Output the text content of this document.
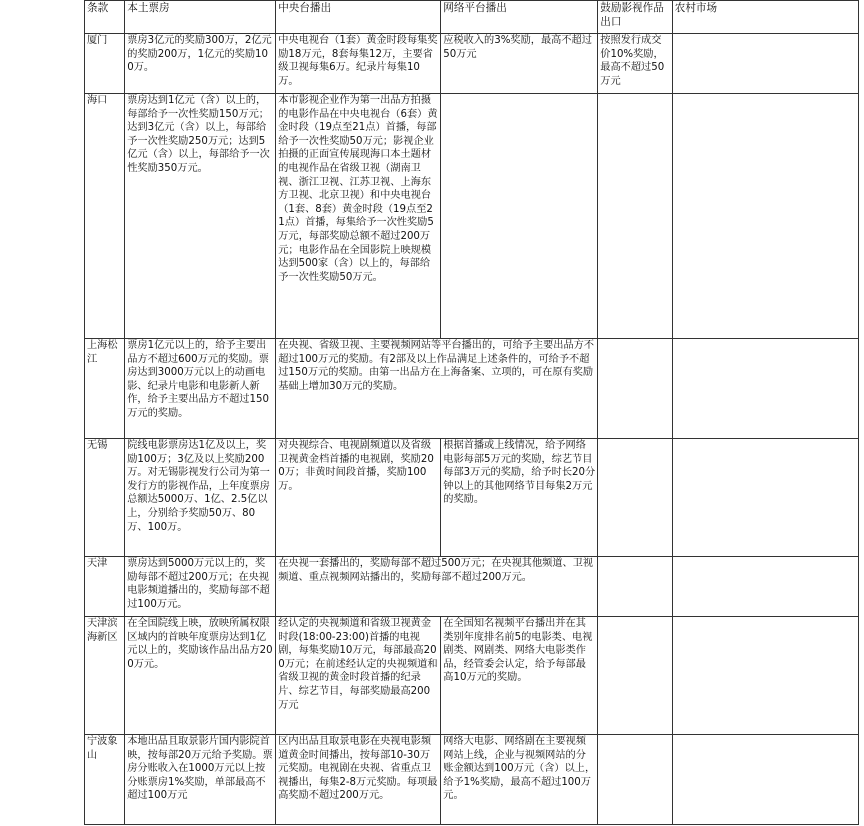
条款	本土票房	中央台播出	网络平台播出	鼓励影视作品出口	农村市场
厦门	票房3亿元的奖励300万，2亿元的奖励200万，1亿元的奖励100万。	中央电视台（1套）黄金时段每集奖励18万元，8套每集12万，主要省级卫视每集6万。纪录片每集10万。	应税收入的3%奖励，最高不超过50万元	按照发行成交价10%奖励，最高不超过50万元	
海口	票房达到1亿元（含）以上的，每部给予一次性奖励150万元；达到3亿元（含）以上，每部给予一次性奖励250万元；达到5亿元（含）以上，每部给予一次性奖励350万元。	本市影视企业作为第一出品方拍摄的电影作品在中央电视台（6套）黄金时段（19点至21点）首播，每部给予一次性奖励50万元；影视企业拍摄的正面宣传展现海口本土题材的电视作品在省级卫视（湖南卫视、浙江卫视、江苏卫视、上海东方卫视、北京卫视）和中央电视台（1套、8套）黄金时段（19点至21点）首播，每集给予一次性奖励5万元，每部奖励总额不超过200万元；电影作品在全国影院上映规模达到500家（含）以上的，每部给予一次性奖励50万元。			
上海松江	票房1亿元以上的，给予主要出品方不超过600万元的奖励。票房达到3000万元以上的动画电影、纪录片电影和电影新人新作，给予主要出品方不超过150万元的奖励。	在央视、省级卫视、主要视频网站等平台播出的，可给予主要出品方不超过100万元的奖励。有2部及以上作品满足上述条件的，可给予不超过150万元的奖励。由第一出品方在上海备案、立项的，可在原有奖励基础上增加30万元的奖励。			
无锡	院线电影票房达1亿及以上，奖励100万；3亿及以上奖励200万。对无锡影视发行公司为第一发行方的影视作品，上年度票房总额达5000万、1亿、2.5亿以上，分别给予奖励50万、80万、100万。	对央视综合、电视剧频道以及省级卫视黄金档首播的电视剧，奖励200万；非黄时间段首播，奖励100万。	根据首播或上线情况，给予网络电影每部5万元的奖励，综艺节目每部3万元的奖励，给予时长20分钟以上的其他网络节目每集2万元的奖励。		
天津	票房达到5000万元以上的，奖励每部不超过200万元；在央视电影频道播出的，奖励每部不超过100万元。	在央视一套播出的，奖励每部不超过500万元；在央视其他频道、卫视频道、重点视频网站播出的，奖励每部不超过200万元。			
天津滨海新区	在全国院线上映，放映所属权限区域内的首映年度票房达到1亿元以上的，奖励该作品出品方200万元。	经认定的央视频道和省级卫视黄金时段(18:00-23:00)首播的电视剧，每集奖励10万元，每部最高200万元；在前述经认定的央视频道和省级卫视的黄金时段首播的纪录片、综艺节目，每部奖励最高200万元	在全国知名视频平台播出并在其类别年度排名前5的电影类、电视剧类、网剧类、网络大电影类作品，经管委会认定，给予每部最高10万元的奖励。		
宁波象山	本地出品且取景影片国内影院首映，按每部20万元给予奖励。票房分账收入在1000万元以上按分账票房1%奖励，单部最高不超过100万元	区内出品且取景电影在央视电影频道黄金时间播出，按每部10-30万元奖励。电视剧在央视、省重点卫视播出，每集2-8万元奖励。每项最高奖励不超过200万元。	网络大电影、网络剧在主要视频网站上线，企业与视频网站的分账金额达到100万元（含）以上，给予1%奖励，最高不超过100万元。		
